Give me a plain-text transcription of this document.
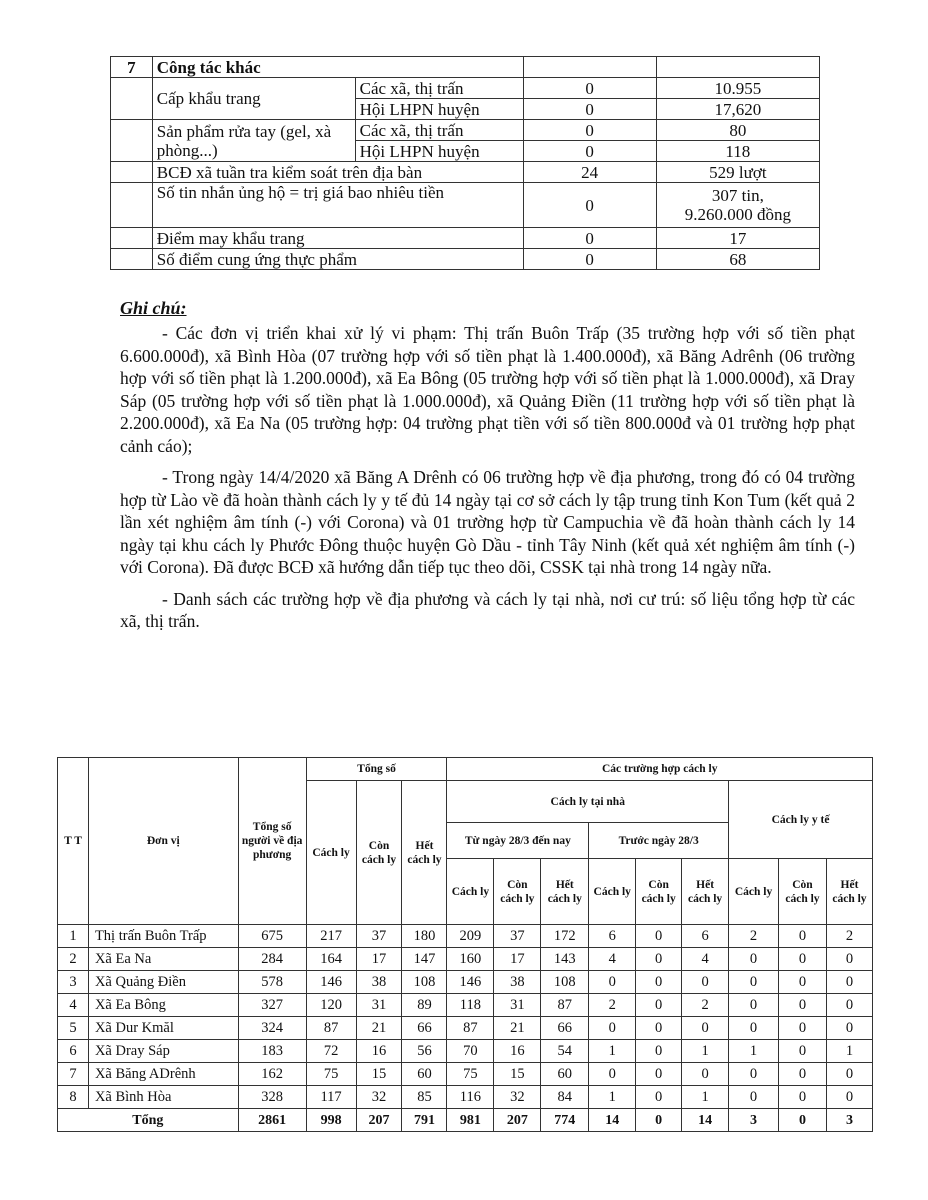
7	Công tác khác			
	Cấp khẩu trang	Các xã, thị trấn	0	10.955
		Hội LHPN huyện	0	17,620
	Sản phẩm rửa tay (gel, xà phòng...)	Các xã, thị trấn	0	80
		Hội LHPN huyện	0	118
	BCĐ xã tuần tra kiểm soát trên địa bàn		24	529 lượt
	Số tin nhắn ủng hộ = trị giá bao nhiêu tiền		0	307 tin,
9.260.000 đồng

	Điểm may khẩu trang		0	17
	Số điểm cung ứng thực phẩm		0	68
Ghi chú:

- Các đơn vị triển khai xử lý vi phạm: Thị trấn Buôn Trấp (35 trường hợp với số tiền phạt 6.600.000đ), xã Bình Hòa (07 trường hợp với số tiền phạt là 1.400.000đ), xã Băng Adrênh (06 trường hợp với số tiền phạt là 1.200.000đ), xã Ea Bông (05 trường hợp với số tiền phạt là 1.000.000đ), xã Dray Sáp (05 trường hợp với số tiền phạt là 1.000.000đ), xã Quảng Điền (11 trường hợp với số tiền phạt là 2.200.000đ), xã Ea Na (05 trường hợp: 04 trường phạt tiền với số tiền 800.000đ và 01 trường hợp phạt cảnh cáo);

- Trong ngày 14/4/2020 xã Băng A Drênh có 06 trường hợp về địa phương, trong đó có 04 trường hợp từ Lào về đã hoàn thành cách ly y tế đủ 14 ngày tại cơ sở cách ly tập trung tỉnh Kon Tum (kết quả 2 lần xét nghiệm âm tính (-) với Corona) và 01 trường hợp từ Campuchia về đã hoàn thành cách ly 14 ngày tại khu cách ly Phước Đông thuộc huyện Gò Dầu - tỉnh Tây Ninh (kết quả xét nghiệm âm tính (-) với Corona). Đã được BCĐ xã hướng dẫn tiếp tục theo dõi, CSSK tại nhà trong 14 ngày nữa.

- Danh sách các trường hợp về địa phương và cách ly tại nhà, nơi cư trú: số liệu tổng hợp từ các xã, thị trấn.

T T	Đơn vị	Tổng số người về địa phương	Tổng số			Các trường hợp cách ly								
			Cách ly	Còn cách ly	Hết cách ly	Cách ly tại nhà						Cách ly y tế		
						Từ ngày 28/3 đến nay			Trước ngày 28/3					
						Cách ly	Còn cách ly	Hết cách ly	Cách ly	Còn cách ly	Hết cách ly	Cách ly	Còn cách ly	Hết cách ly
1	Thị trấn Buôn Trấp	675	217	37	180	209	37	172	6	0	6	2	0	2
2	Xã Ea Na	284	164	17	147	160	17	143	4	0	4	0	0	0
3	Xã Quảng Điền	578	146	38	108	146	38	108	0	0	0	0	0	0
4	Xã Ea Bông	327	120	31	89	118	31	87	2	0	2	0	0	0
5	Xã Dur Kmăl	324	87	21	66	87	21	66	0	0	0	0	0	0
6	Xã Dray Sáp	183	72	16	56	70	16	54	1	0	1	1	0	1
7	Xã Băng ADrênh	162	75	15	60	75	15	60	0	0	0	0	0	0
8	Xã Bình Hòa	328	117	32	85	116	32	84	1	0	1	0	0	0
Tổng		2861	998	207	791	981	207	774	14	0	14	3	0	3
